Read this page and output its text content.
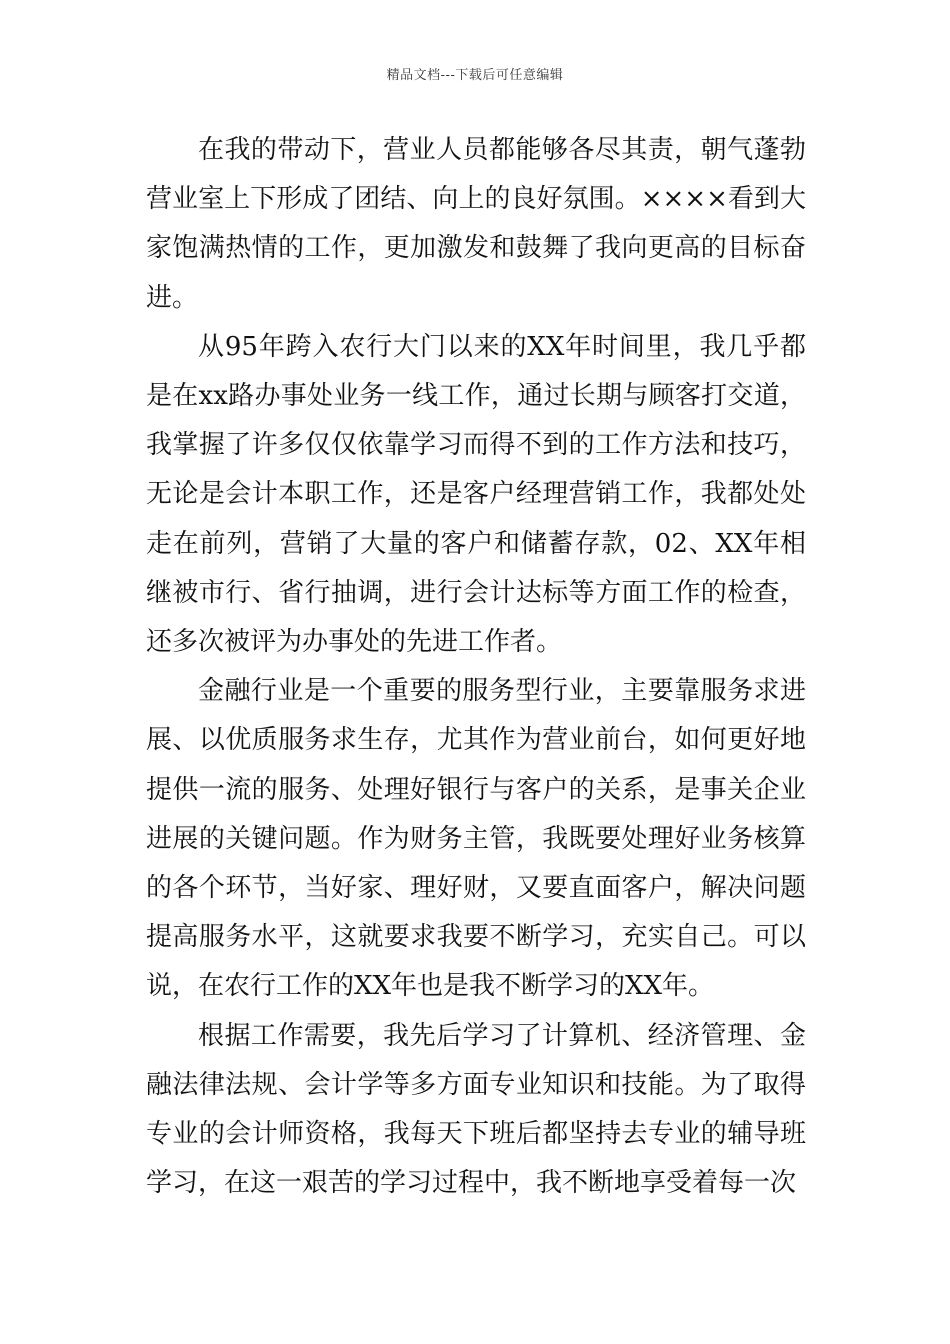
精品文档---下载后可任意编辑

在我的带动下，营业人员都能够各尽其责，朝气蓬勃营业室上下形成了团结、向上的良好氛围。××××看到大家饱满热情的工作，更加激发和鼓舞了我向更高的目标奋进。

从95年跨入农行大门以来的XX年时间里，我几乎都是在xx路办事处业务一线工作，通过长期与顾客打交道，我掌握了许多仅仅依靠学习而得不到的工作方法和技巧，无论是会计本职工作，还是客户经理营销工作，我都处处走在前列，营销了大量的客户和储蓄存款，02、XX年相继被市行、省行抽调，进行会计达标等方面工作的检查，还多次被评为办事处的先进工作者。

金融行业是一个重要的服务型行业，主要靠服务求进展、以优质服务求生存，尤其作为营业前台，如何更好地提供一流的服务、处理好银行与客户的关系，是事关企业进展的关键问题。作为财务主管，我既要处理好业务核算的各个环节，当好家、理好财，又要直面客户，解决问题提高服务水平，这就要求我要不断学习，充实自己。可以说，在农行工作的XX年也是我不断学习的XX年。

根据工作需要，我先后学习了计算机、经济管理、金融法律法规、会计学等多方面专业知识和技能。为了取得专业的会计师资格，我每天下班后都坚持去专业的辅导班学习，在这一艰苦的学习过程中，我不断地享受着每一次
